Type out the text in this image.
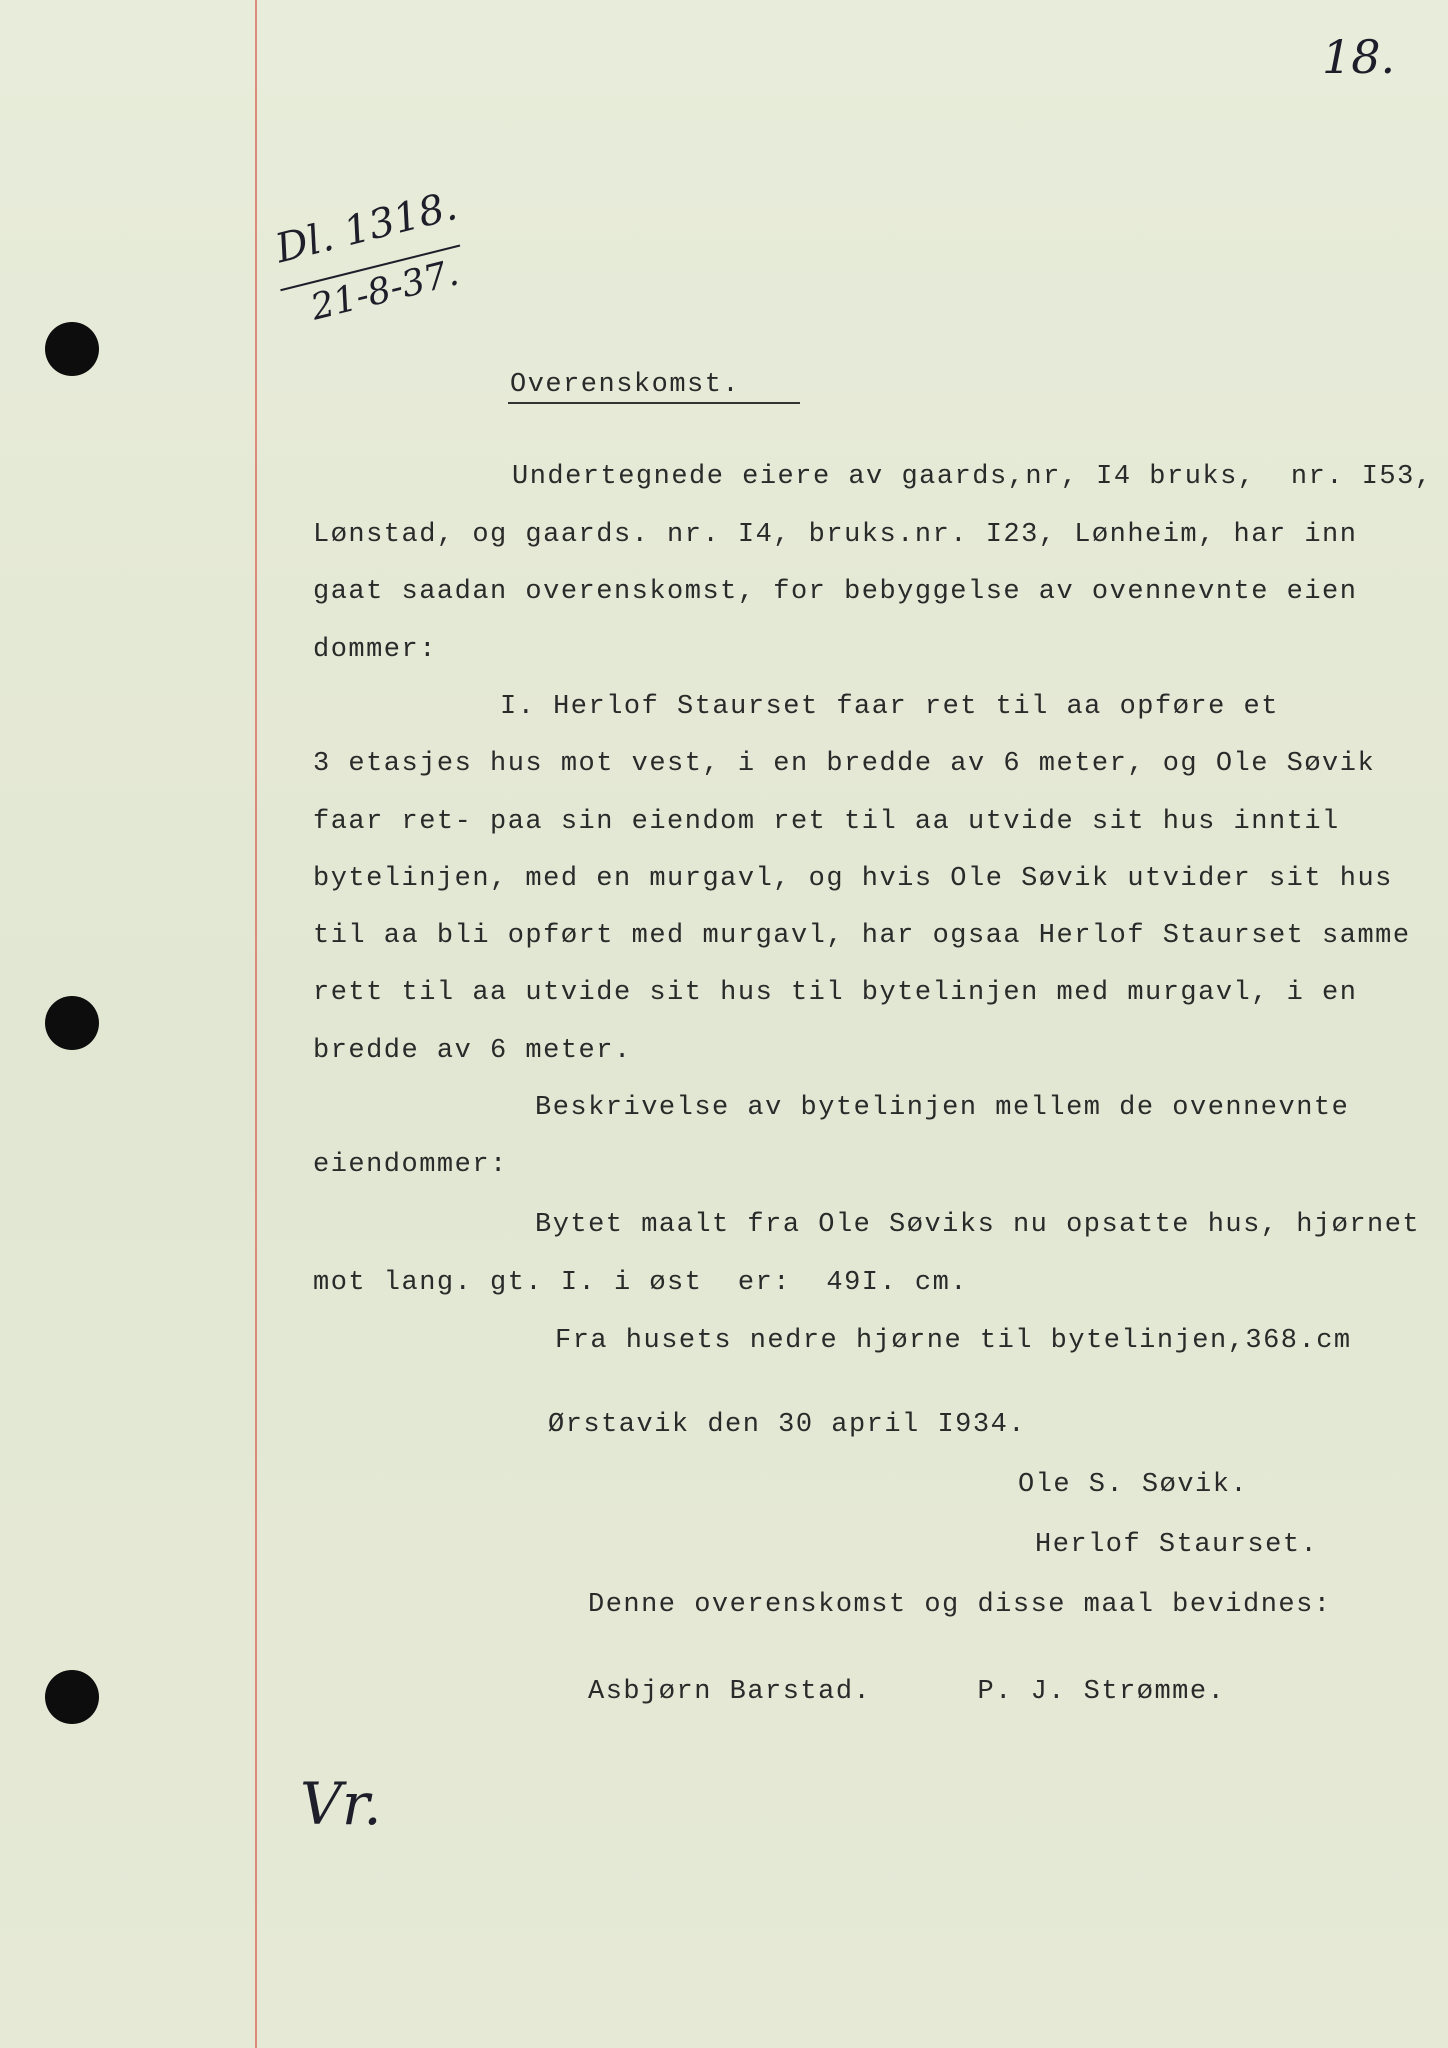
18.
Dl. 1318.
21-8-37.
Overenskomst.
Undertegnede eiere av gaards,nr, I4 bruks,  nr. I53,
Lønstad, og gaards. nr. I4, bruks.nr. I23, Lønheim, har inn
gaat saadan overenskomst, for bebyggelse av ovennevnte eien
dommer:
I. Herlof Staurset faar ret til aa opføre et
3 etasjes hus mot vest, i en bredde av 6 meter, og Ole Søvik
faar ret- paa sin eiendom ret til aa utvide sit hus inntil
bytelinjen, med en murgavl, og hvis Ole Søvik utvider sit hus
til aa bli opført med murgavl, har ogsaa Herlof Staurset samme
rett til aa utvide sit hus til bytelinjen med murgavl, i en
bredde av 6 meter.
Beskrivelse av bytelinjen mellem de ovennevnte
eiendommer:
Bytet maalt fra Ole Søviks nu opsatte hus, hjørnet
mot lang. gt. I. i øst  er:  49I. cm.
Fra husets nedre hjørne til bytelinjen,368.cm
Ørstavik den 30 april I934.
Ole S. Søvik.
Herlof Staurset.
Denne overenskomst og disse maal bevidnes:
Asbjørn Barstad.      P. J. Strømme.
Vr.
